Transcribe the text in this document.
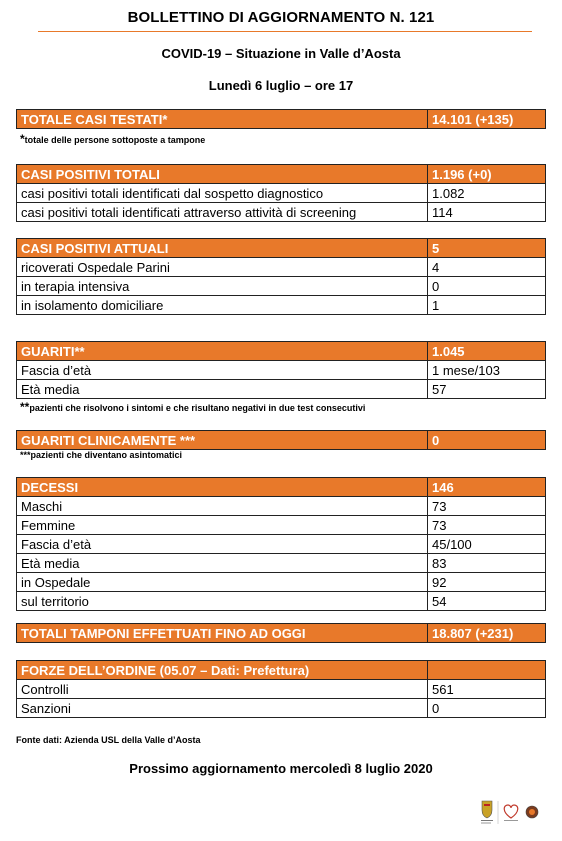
BOLLETTINO DI AGGIORNAMENTO N. 121
COVID-19 – Situazione in Valle d’Aosta
Lunedì 6 luglio – ore 17
TOTALE CASI TESTATI*	14.101 (+135)
*totale delle persone sottoposte a tampone
CASI POSITIVI TOTALI	1.196 (+0)
casi positivi totali identificati dal sospetto diagnostico	1.082
casi positivi totali identificati attraverso attività di screening	114
CASI POSITIVI ATTUALI	5
ricoverati Ospedale Parini	4
in terapia intensiva	0
in isolamento domiciliare	1
GUARITI**	1.045
Fascia d’età	1 mese/103
Età media	57
**pazienti che risolvono i sintomi e che risultano negativi in due test consecutivi
GUARITI CLINICAMENTE ***	0
***pazienti che diventano asintomatici
DECESSI	146
Maschi	73
Femmine	73
Fascia d’età	45/100
Età media	83
in Ospedale	92
sul territorio	54
TOTALI TAMPONI EFFETTUATI FINO AD OGGI	18.807 (+231)
FORZE DELL’ORDINE (05.07 – Dati: Prefettura)	
Controlli	561
Sanzioni	0
Fonte dati: Azienda USL della Valle d’Aosta
Prossimo aggiornamento mercoledì 8 luglio 2020
